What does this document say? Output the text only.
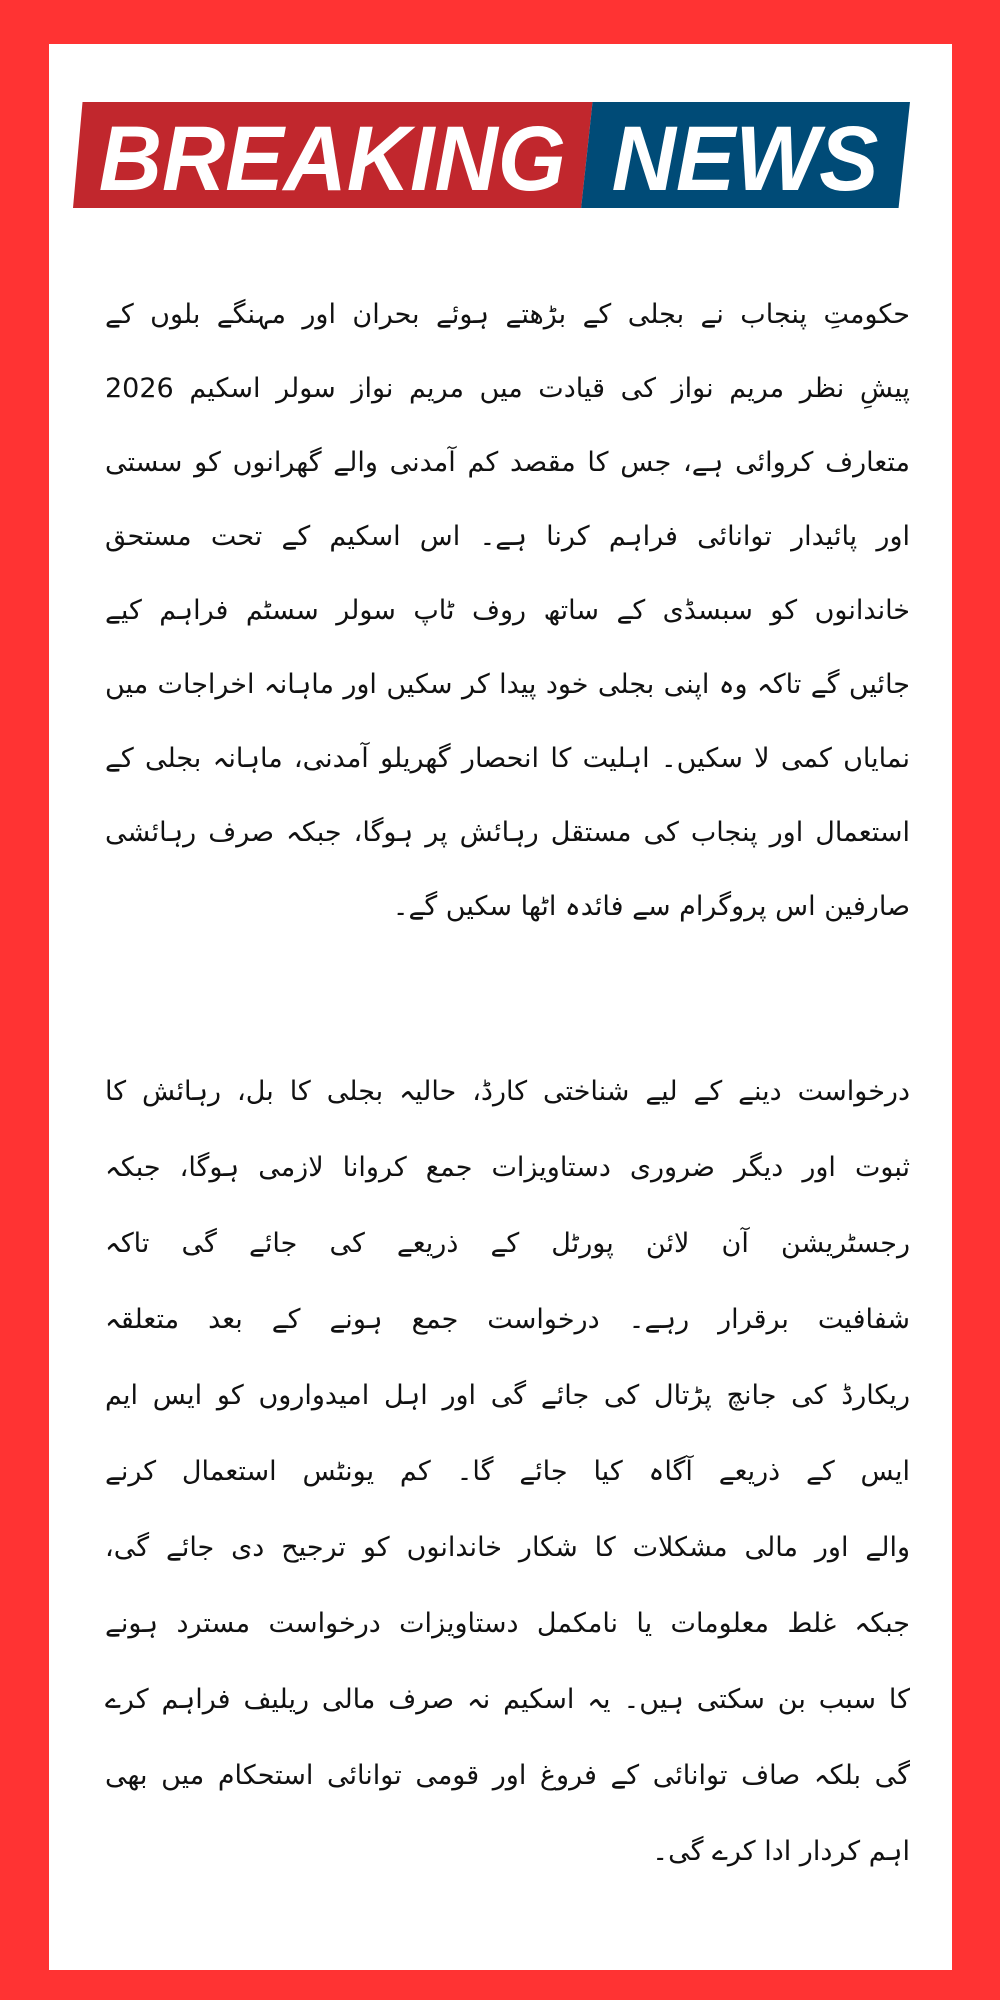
BREAKING NEWS
حکومتِ پنجاب نے بجلی کے بڑھتے ہوئے بحران اور مہنگے بلوں کے
پیشِ نظر مریم نواز کی قیادت میں مریم نواز سولر اسکیم 2026
متعارف کروائی ہے، جس کا مقصد کم آمدنی والے گھرانوں کو سستی
اور پائیدار توانائی فراہم کرنا ہے۔ اس اسکیم کے تحت مستحق
خاندانوں کو سبسڈی کے ساتھ روف ٹاپ سولر سسٹم فراہم کیے
جائیں گے تاکہ وہ اپنی بجلی خود پیدا کر سکیں اور ماہانہ اخراجات میں
نمایاں کمی لا سکیں۔ اہلیت کا انحصار گھریلو آمدنی، ماہانہ بجلی کے
استعمال اور پنجاب کی مستقل رہائش پر ہوگا، جبکہ صرف رہائشی
صارفین اس پروگرام سے فائدہ اٹھا سکیں گے۔
درخواست دینے کے لیے شناختی کارڈ، حالیہ بجلی کا بل، رہائش کا
ثبوت اور دیگر ضروری دستاویزات جمع کروانا لازمی ہوگا، جبکہ
رجسٹریشن آن لائن پورٹل کے ذریعے کی جائے گی تاکہ
شفافیت برقرار رہے۔ درخواست جمع ہونے کے بعد متعلقہ
ریکارڈ کی جانچ پڑتال کی جائے گی اور اہل امیدواروں کو ایس ایم
ایس کے ذریعے آگاہ کیا جائے گا۔ کم یونٹس استعمال کرنے
والے اور مالی مشکلات کا شکار خاندانوں کو ترجیح دی جائے گی،
جبکہ غلط معلومات یا نامکمل دستاویزات درخواست مسترد ہونے
کا سبب بن سکتی ہیں۔ یہ اسکیم نہ صرف مالی ریلیف فراہم کرے
گی بلکہ صاف توانائی کے فروغ اور قومی توانائی استحکام میں بھی
اہم کردار ادا کرے گی۔
